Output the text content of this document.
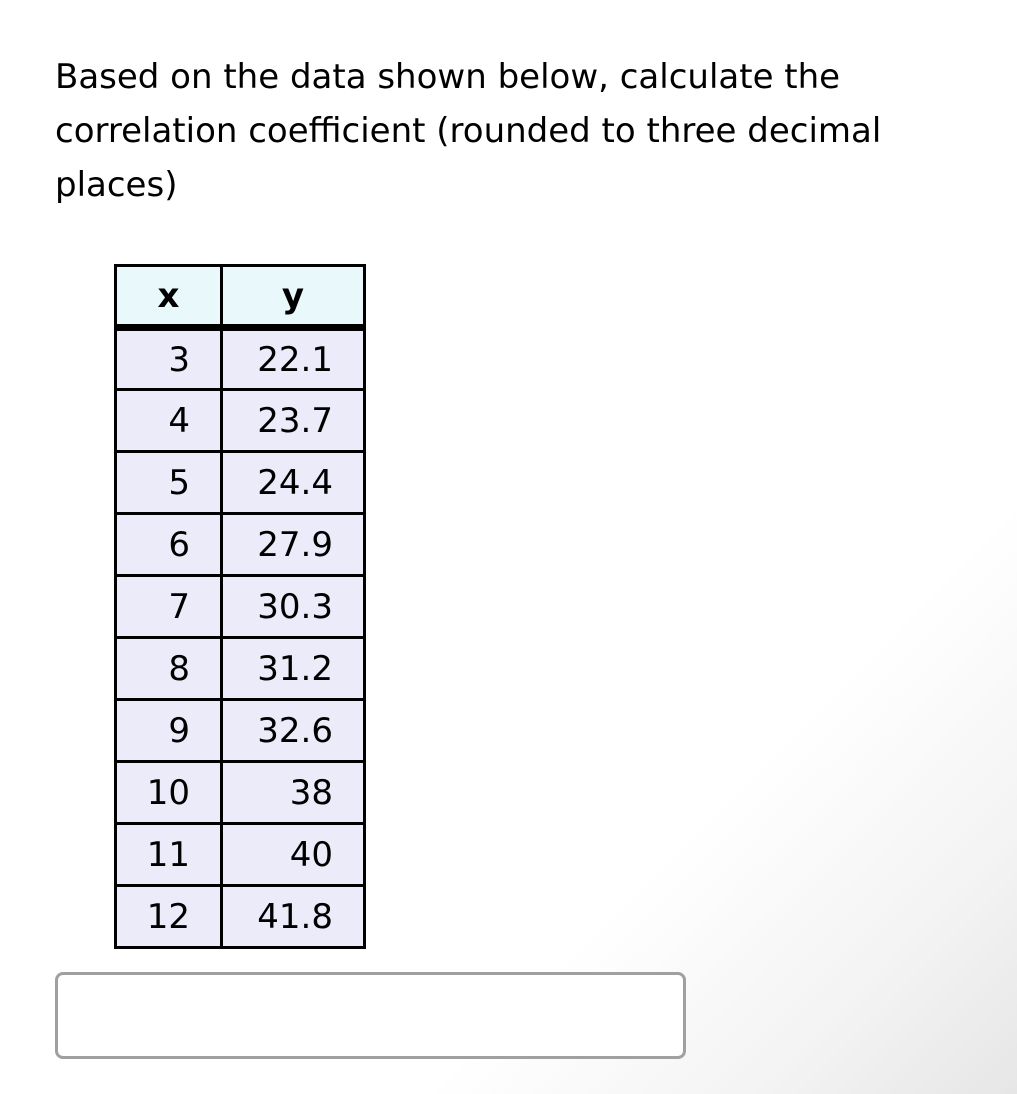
Based on the data shown below, calculate the correlation coefficient (rounded to three decimal places)

x	y
3	22.1
4	23.7
5	24.4
6	27.9
7	30.3
8	31.2
9	32.6
10	38
11	40
12	41.8
